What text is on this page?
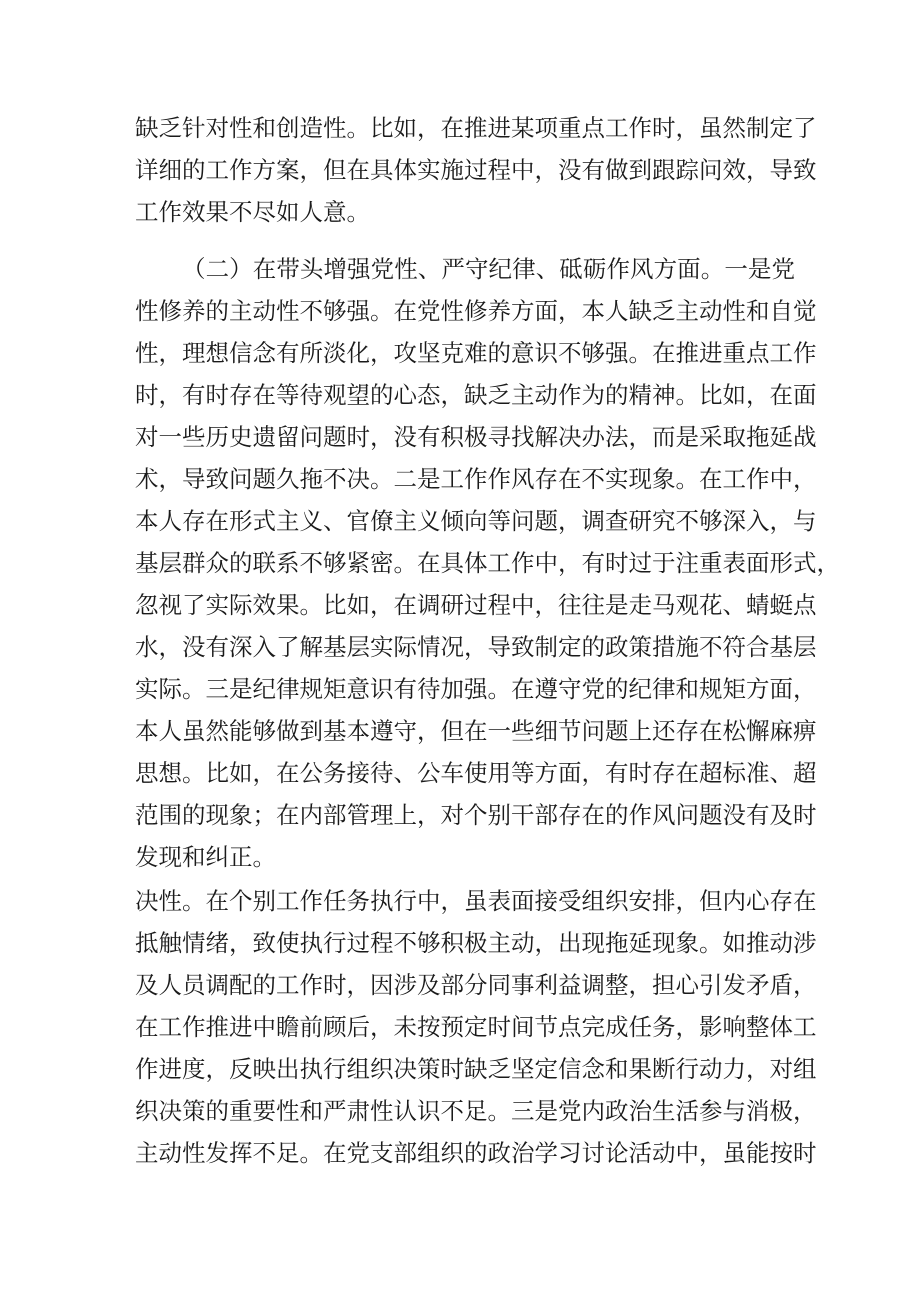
缺乏针对性和创造性。比如，在推进某项重点工作时，虽然制定了
详细的工作方案，但在具体实施过程中，没有做到跟踪问效，导致
工作效果不尽如人意。
（二）在带头增强党性、严守纪律、砥砺作风方面。一是党
性修养的主动性不够强。在党性修养方面，本人缺乏主动性和自觉
性，理想信念有所淡化，攻坚克难的意识不够强。在推进重点工作
时，有时存在等待观望的心态，缺乏主动作为的精神。比如，在面
对一些历史遗留问题时，没有积极寻找解决办法，而是采取拖延战
术，导致问题久拖不决。二是工作作风存在不实现象。在工作中，
本人存在形式主义、官僚主义倾向等问题，调查研究不够深入，与
基层群众的联系不够紧密。在具体工作中，有时过于注重表面形式，
忽视了实际效果。比如，在调研过程中，往往是走马观花、蜻蜓点
水，没有深入了解基层实际情况，导致制定的政策措施不符合基层
实际。三是纪律规矩意识有待加强。在遵守党的纪律和规矩方面，
本人虽然能够做到基本遵守，但在一些细节问题上还存在松懈麻痹
思想。比如，在公务接待、公车使用等方面，有时存在超标准、超
范围的现象；在内部管理上，对个别干部存在的作风问题没有及时
发现和纠正。
决性。在个别工作任务执行中，虽表面接受组织安排，但内心存在
抵触情绪，致使执行过程不够积极主动，出现拖延现象。如推动涉
及人员调配的工作时，因涉及部分同事利益调整，担心引发矛盾，
在工作推进中瞻前顾后，未按预定时间节点完成任务，影响整体工
作进度，反映出执行组织决策时缺乏坚定信念和果断行动力，对组
织决策的重要性和严肃性认识不足。三是党内政治生活参与消极，
主动性发挥不足。在党支部组织的政治学习讨论活动中，虽能按时
